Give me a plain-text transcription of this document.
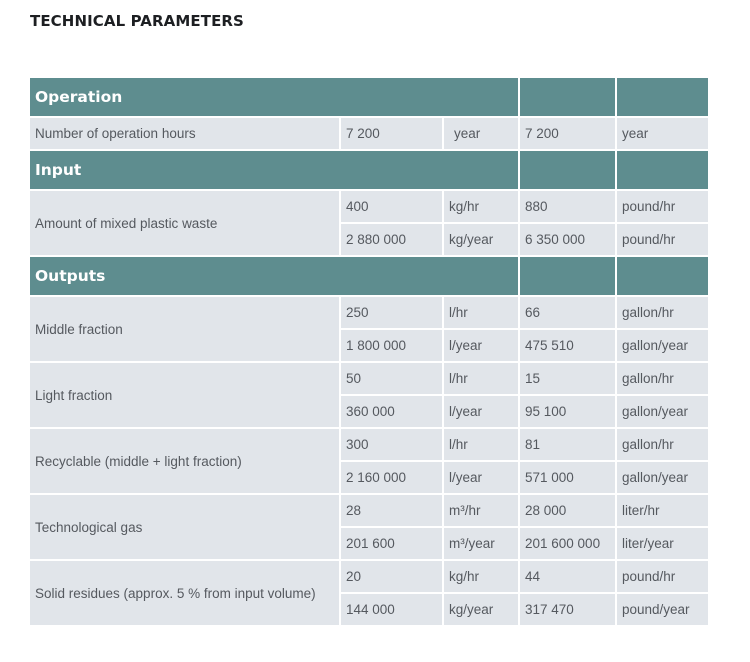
TECHNICAL PARAMETERS
Operation				
Number of operation hours	7 200	year	7 200	year
Input				
Amount of mixed plastic waste	400	kg/hr	880	pound/hr
	2 880 000	kg/year	6 350 000	pound/hr
Outputs				
Middle fraction	250	l/hr	66	gallon/hr
	1 800 000	l/year	475 510	gallon/year
Light fraction	50	l/hr	15	gallon/hr
	360 000	l/year	95 100	gallon/year
Recyclable (middle + light fraction)	300	l/hr	81	gallon/hr
	2 160 000	l/year	571 000	gallon/year
Technological gas	28	m³/hr	28 000	liter/hr
	201 600	m³/year	201 600 000	liter/year
Solid residues (approx. 5 % from input volume)	20	kg/hr	44	pound/hr
	144 000	kg/year	317 470	pound/year
